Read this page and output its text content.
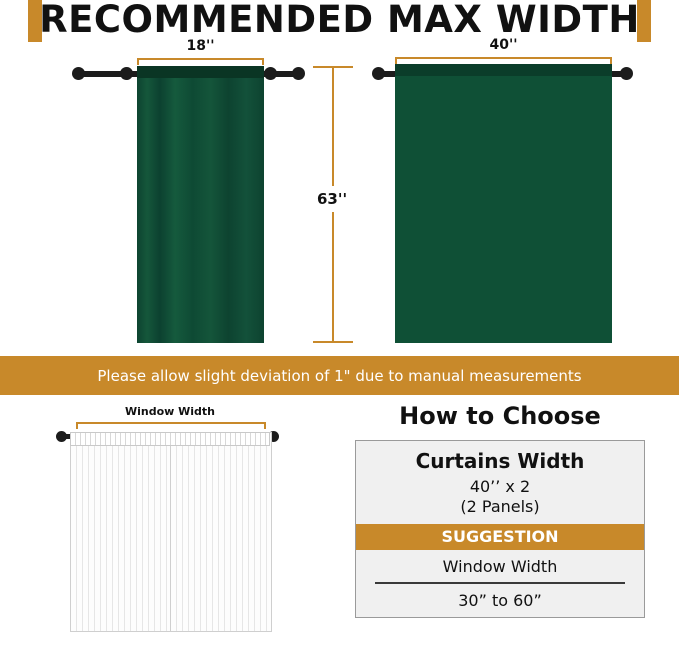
RECOMMENDED MAX WIDTH
18''	40''
63''
Please allow slight deviation of 1" due to manual measurements
Window Width	How to Choose
Curtains Width
40’’ x 2
(2 Panels)
SUGGESTION
Window Width
30” to 60”
